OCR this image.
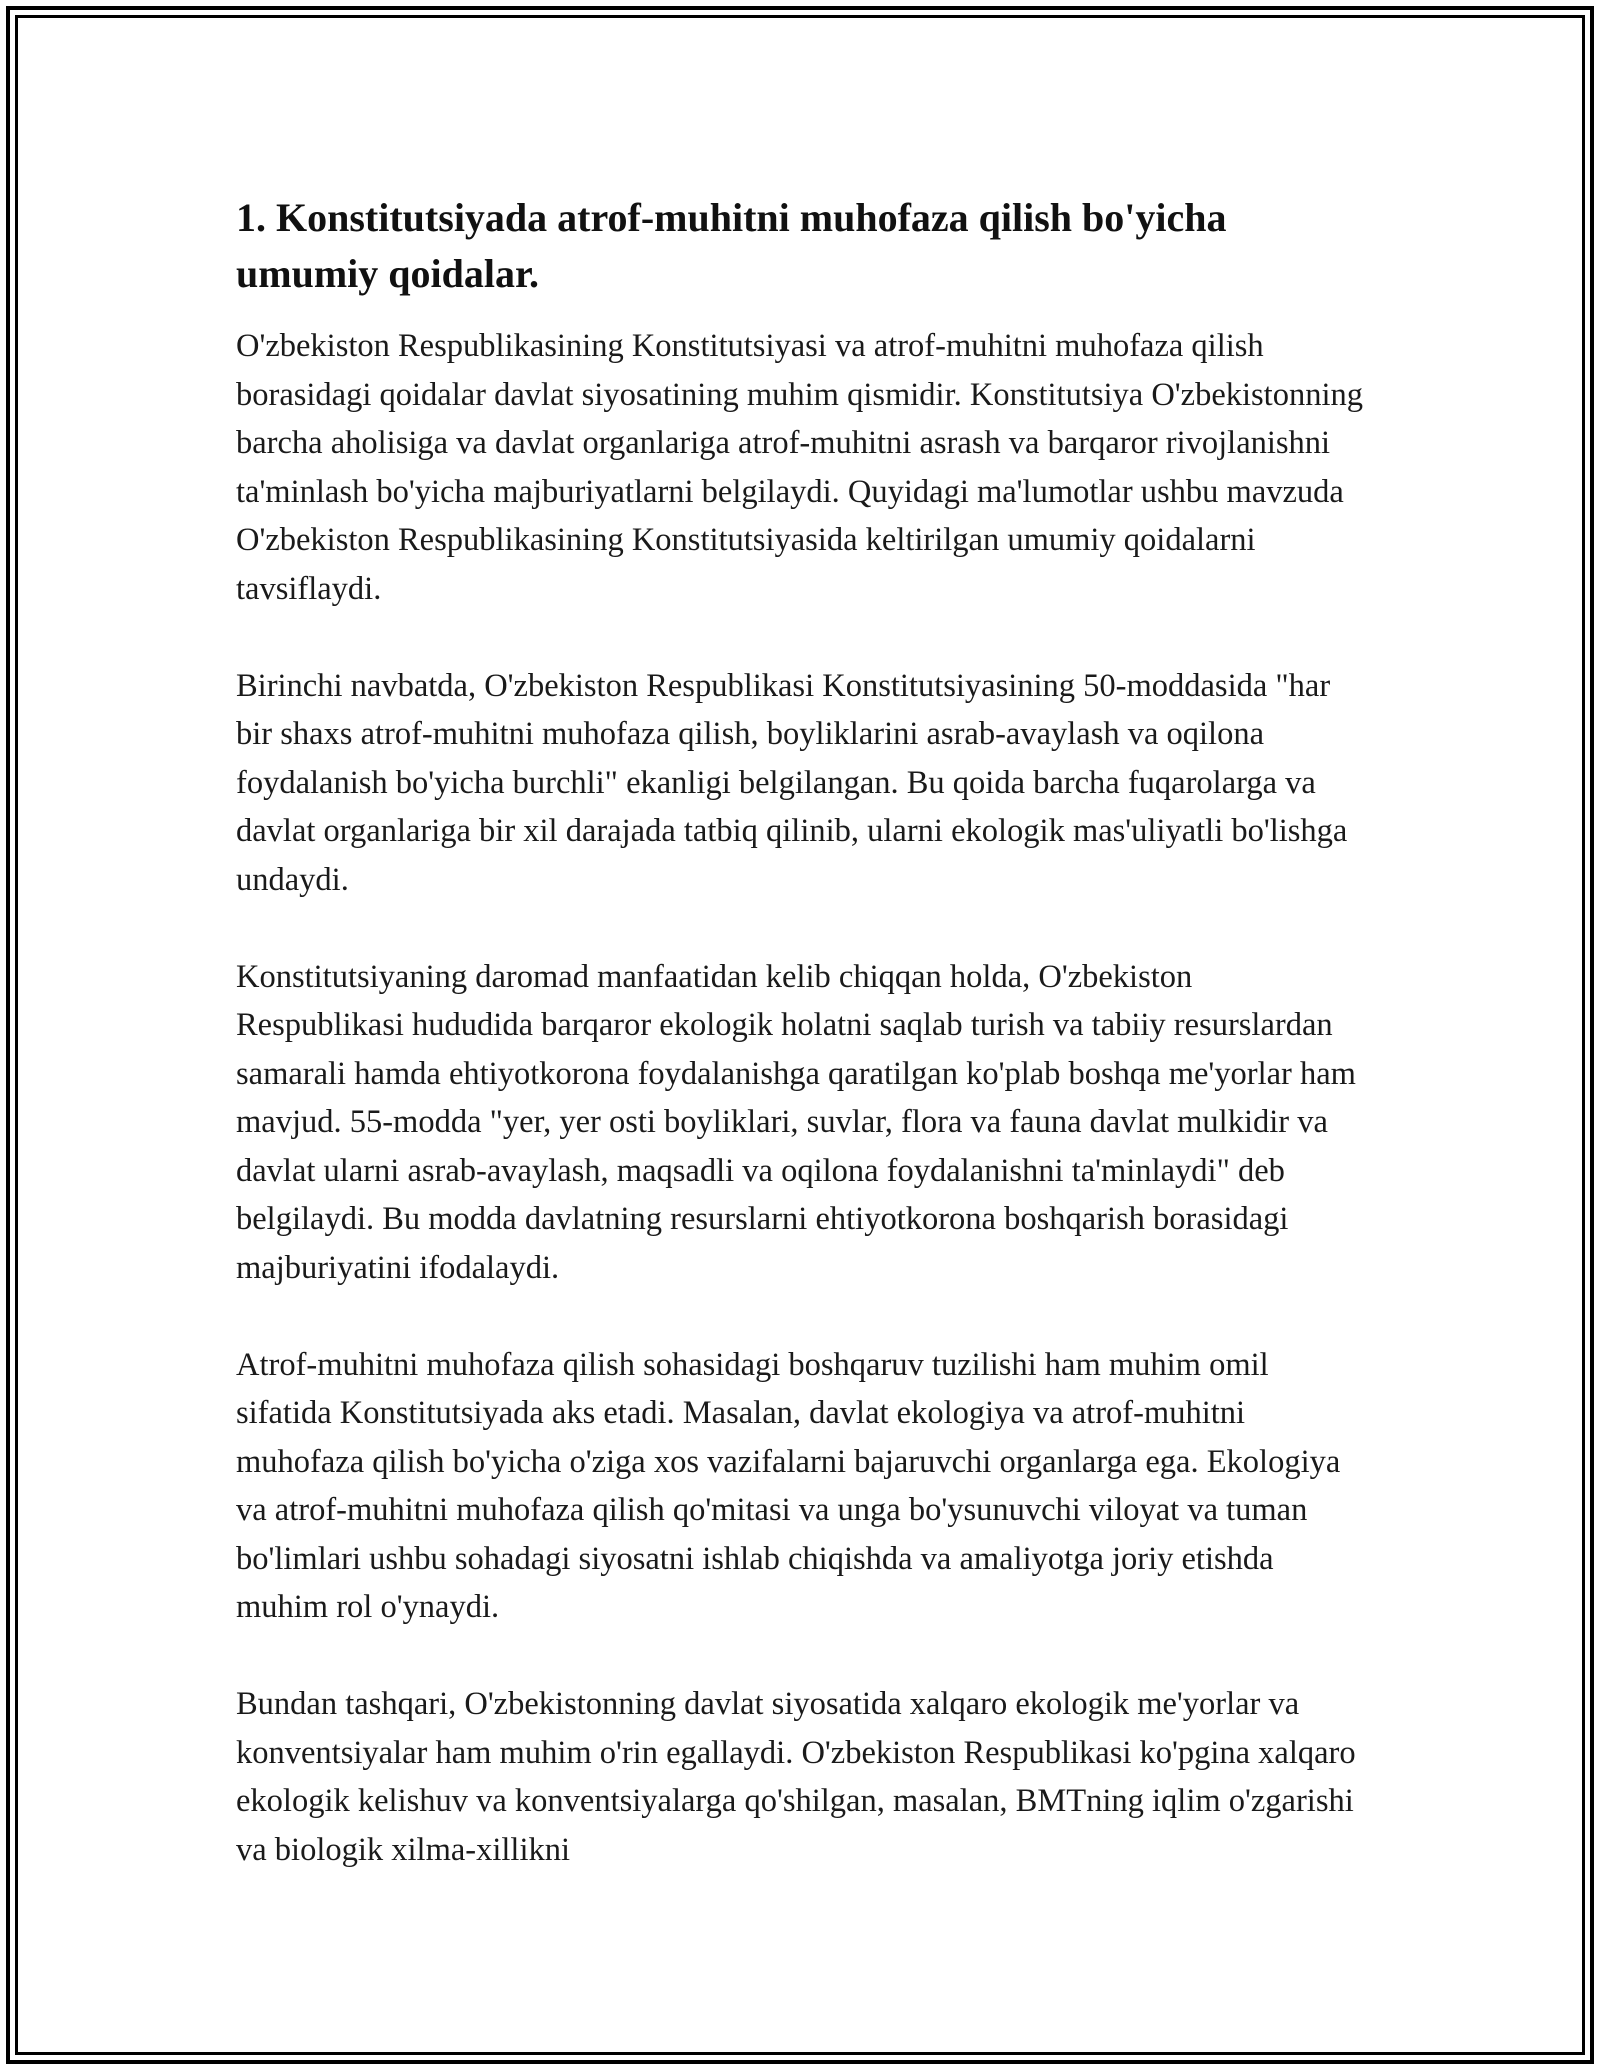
1. Konstitutsiyada atrof-muhitni muhofaza qilish bo'yicha umumiy qoidalar.

O'zbekiston Respublikasining Konstitutsiyasi va atrof-muhitni muhofaza qilish borasidagi qoidalar davlat siyosatining muhim qismidir. Konstitutsiya O'zbekistonning barcha aholisiga va davlat organlariga atrof-muhitni asrash va barqaror rivojlanishni ta'minlash bo'yicha majburiyatlarni belgilaydi. Quyidagi ma'lumotlar ushbu mavzuda O'zbekiston Respublikasining Konstitutsiyasida keltirilgan umumiy qoidalarni tavsiflaydi.

Birinchi navbatda, O'zbekiston Respublikasi Konstitutsiyasining 50-moddasida "har bir shaxs atrof-muhitni muhofaza qilish, boyliklarini asrab-avaylash va oqilona foydalanish bo'yicha burchli" ekanligi belgilangan. Bu qoida barcha fuqarolarga va davlat organlariga bir xil darajada tatbiq qilinib, ularni ekologik mas'uliyatli bo'lishga undaydi.

Konstitutsiyaning daromad manfaatidan kelib chiqqan holda, O'zbekiston Respublikasi hududida barqaror ekologik holatni saqlab turish va tabiiy resurslardan samarali hamda ehtiyotkorona foydalanishga qaratilgan ko'plab boshqa me'yorlar ham mavjud. 55-modda "yer, yer osti boyliklari, suvlar, flora va fauna davlat mulkidir va davlat ularni asrab-avaylash, maqsadli va oqilona foydalanishni ta'minlaydi" deb belgilaydi. Bu modda davlatning resurslarni ehtiyotkorona boshqarish borasidagi majburiyatini ifodalaydi.

Atrof-muhitni muhofaza qilish sohasidagi boshqaruv tuzilishi ham muhim omil sifatida Konstitutsiyada aks etadi. Masalan, davlat ekologiya va atrof-muhitni muhofaza qilish bo'yicha o'ziga xos vazifalarni bajaruvchi organlarga ega. Ekologiya va atrof-muhitni muhofaza qilish qo'mitasi va unga bo'ysunuvchi viloyat va tuman bo'limlari ushbu sohadagi siyosatni ishlab chiqishda va amaliyotga joriy etishda muhim rol o'ynaydi.

Bundan tashqari, O'zbekistonning davlat siyosatida xalqaro ekologik me'yorlar va konventsiyalar ham muhim o'rin egallaydi. O'zbekiston Respublikasi ko'pgina xalqaro ekologik kelishuv va konventsiyalarga qo'shilgan, masalan, BMTning iqlim o'zgarishi va biologik xilma-xillikni
